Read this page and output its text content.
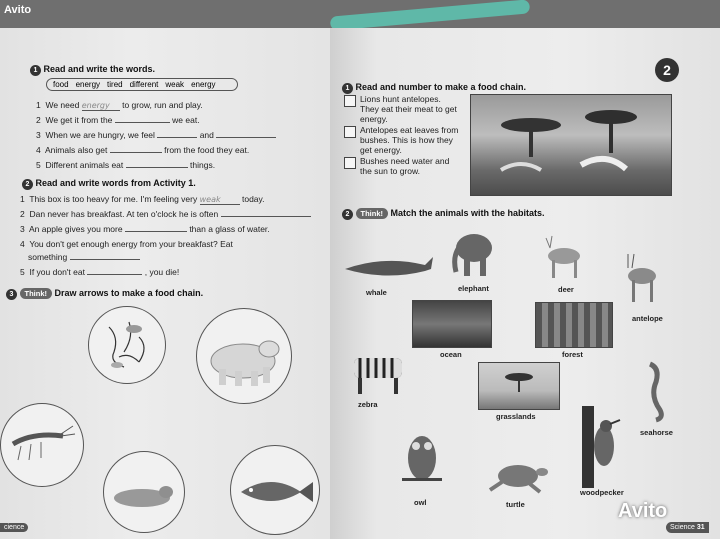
Avito
1 Read and write the words.
food energy tired different weak energy
1 We need energy to grow, run and play.
2 We get it from the	we eat.
3 When we are hungry, we feel	and
4 Animals also get	from the food they eat.
5 Different animals eat	things.
2 Read and write words from Activity 1.
1 This box is too heavy for me. I'm feeling very weak	today.
2 Dan never has breakfast. At ten o'clock he is often
3 An apple gives you more	than a glass of water.
4 You don't get enough energy from your breakfast? Eat
something
5 If you don't eat	, you die!
3 Think! Draw arrows to make a food chain.
cience
2
1 Read and number to make a food chain.
Lions hunt antelopes. They eat their meat to get energy.
Antelopes eat leaves from bushes. This is how they get energy.
Bushes need water and the sun to grow.
2 Think! Match the animals with the habitats.
whale	elephant	deer
antelope
ocean	forest
zebra
grasslands
seahorse
owl	turtle
woodpecker
Avito
Science 31
